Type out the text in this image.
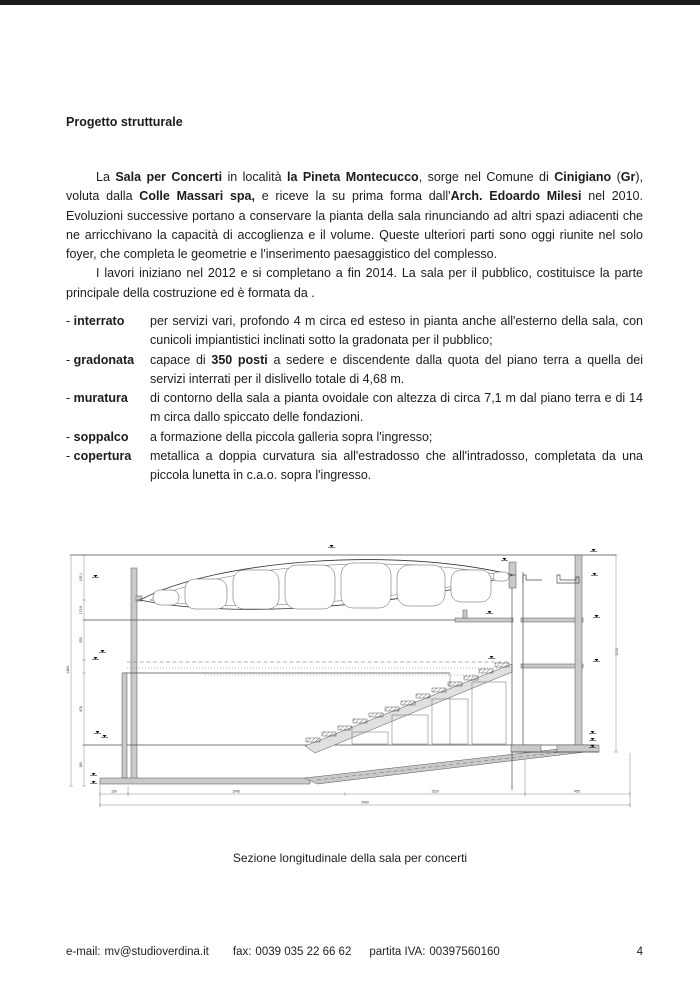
Progetto strutturale

La Sala per Concerti in località la Pineta Montecucco, sorge nel Comune di Cinigiano (Gr), voluta dalla Colle Massari spa, e riceve la su prima forma dall'Arch. Edoardo Milesi nel 2010. Evoluzioni successive portano a conservare la pianta della sala rinunciando ad altri spazi adiacenti che ne arricchivano la capacità di accoglienza e il volume. Queste ulteriori parti sono oggi riunite nel solo foyer, che completa le geometrie e l'inserimento paesaggistico del complesso.

I lavori iniziano nel 2012 e si completano a fin 2014. La sala per il pubblico, costituisce la parte principale della costruzione ed è formata da .

- interrato	per servizi vari, profondo 4 m circa ed esteso in pianta anche all'esterno della sala, con cunicoli impiantistici inclinati sotto la gradonata per il pubblico;
- gradonata	capace di 350 posti a sedere e discendente dalla quota del piano terra a quella dei servizi interrati per il dislivello totale di 4,68 m.
- muratura	di contorno della sala a pianta ovoidale con altezza di circa 7,1 m dal piano terra e di 14 m circa dallo spiccato delle fondazioni.
- soppalco	a formazione della piccola galleria sopra l'ingresso;
- copertura	metallica a doppia curvatura sia all'estradosso che all'intradosso, completata da una piccola lunetta in c.a.o. sopra l'ingresso.
1484
155.1
173.8
352
478
185
1103
150	1945	1520	455
2960
Sezione longitudinale della sala per concerti
e-mail: mv@studioverdina.it fax: 0039 035 22 66 62 partita IVA: 00397560160	4
